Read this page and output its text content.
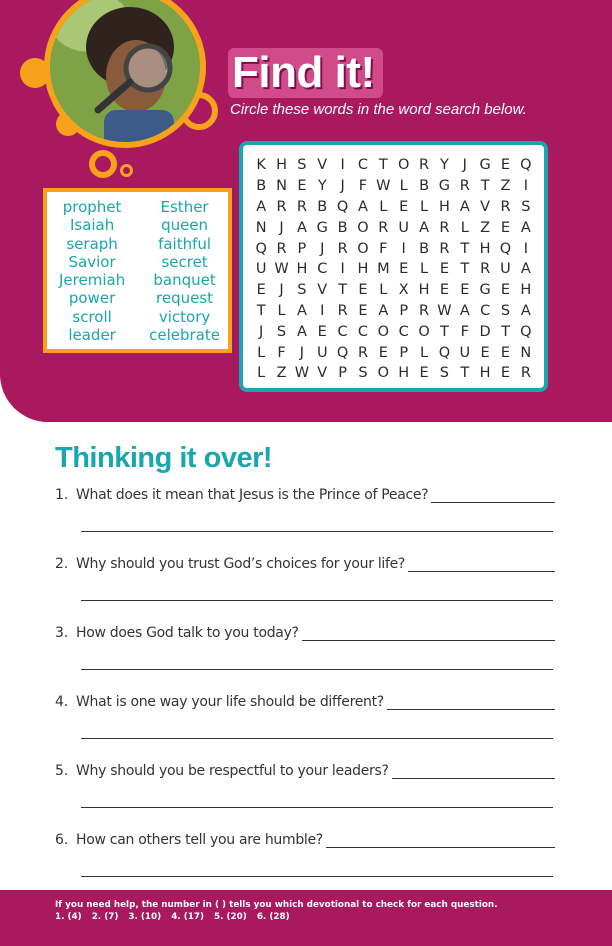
Find it!
Circle these words in the word search below.
prophet
Isaiah
seraph
Savior
Jeremiah
power
scroll
leader
Esther
queen
faithful
secret
banquet
request
victory
celebrate
K H S V I C T O R Y J G E Q
B N E Y J F W L B G R T Z I
A R R B Q A L E L H A V R S
N J A G B O R U A R L Z E A
Q R P J R O F I B R T H Q I
U W H C I H M E L E T R U A
E J S V T E L X H E E G E H
T L A I R E A P R W A C S A
J S A E C C O C O T F D T Q
L F J U Q R E P L Q U E E N
L Z W V P S O H E S T H E R
Thinking it over!
1. What does it mean that Jesus is the Prince of Peace?
2. Why should you trust God’s choices for your life?
3. How does God talk to you today?
4. What is one way your life should be different?
5. Why should you be respectful to your leaders?
6. How can others tell you are humble?
If you need help, the number in ( ) tells you which devotional to check for each question.
1. (4) 2. (7) 3. (10) 4. (17) 5. (20) 6. (28)
